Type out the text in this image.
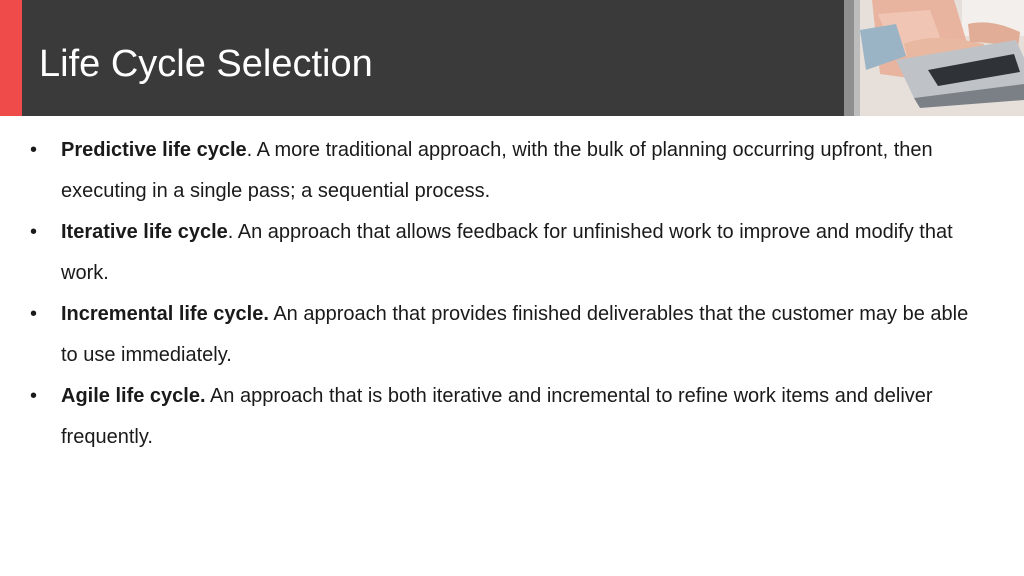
Life Cycle Selection
• Predictive life cycle. A more traditional approach, with the bulk of planning occurring upfront, then executing in a single pass; a sequential process.
• Iterative life cycle. An approach that allows feedback for unfinished work to improve and modify that work.
• Incremental life cycle. An approach that provides finished deliverables that the customer may be able to use immediately.
• Agile life cycle. An approach that is both iterative and incremental to refine work items and deliver frequently.
